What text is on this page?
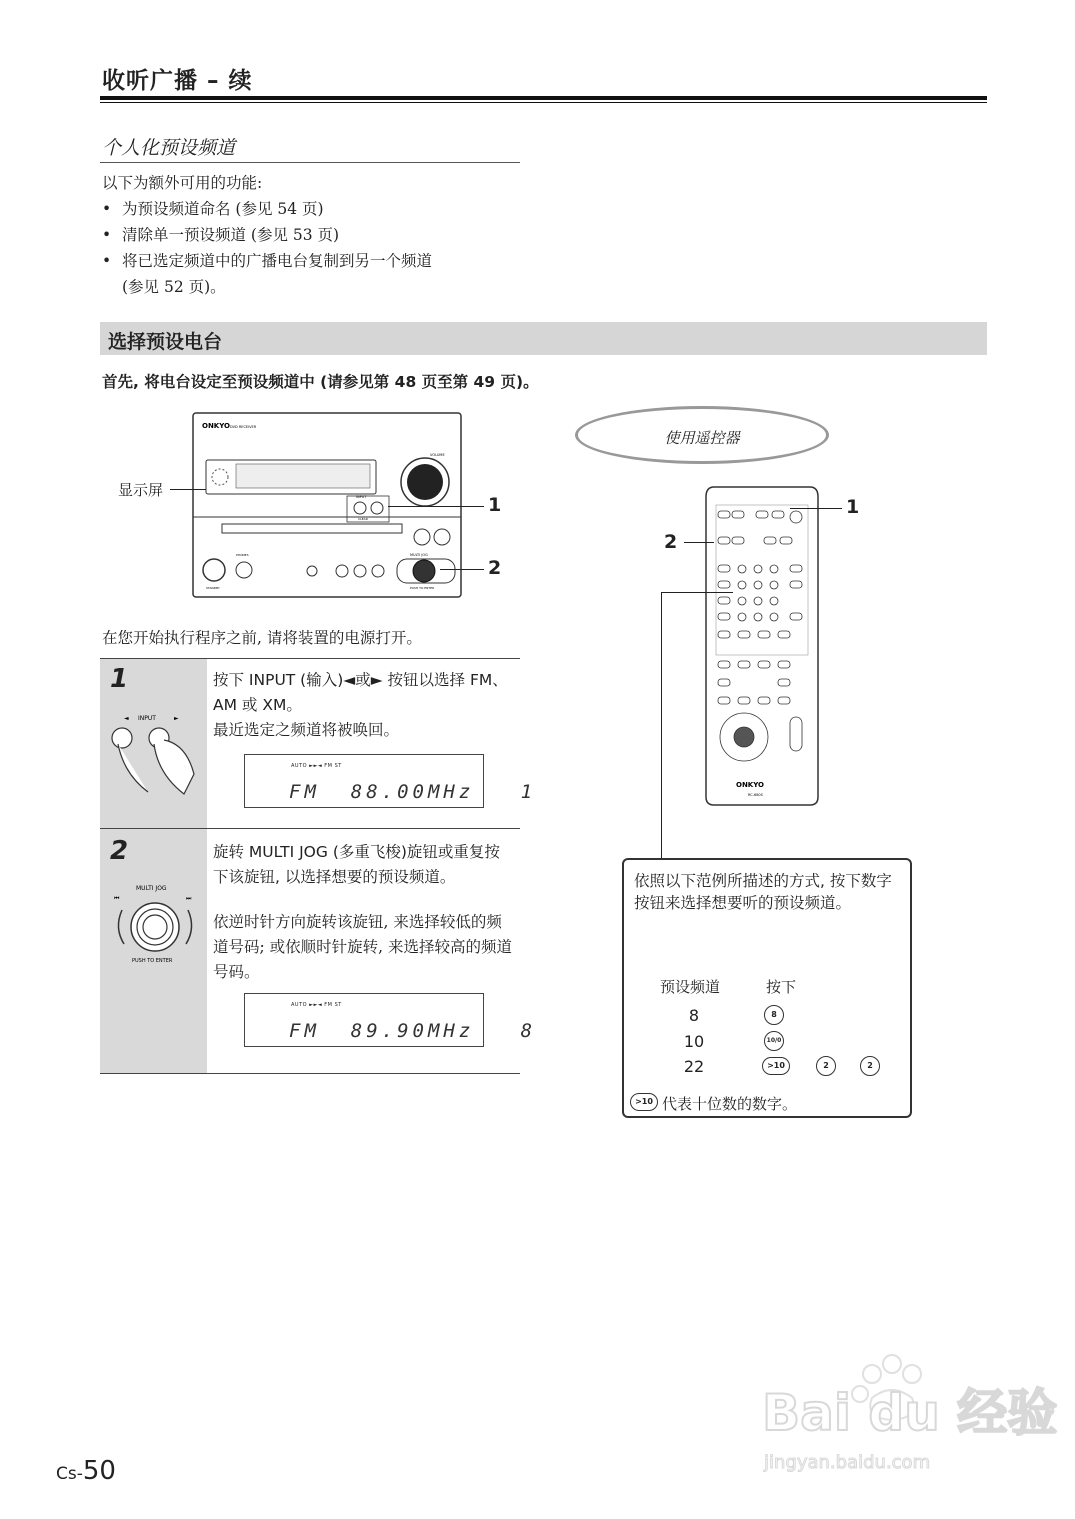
收听广播 – 续
个人化预设频道
以下为额外可用的功能:
• 为预设频道命名 (参见 54 页)
• 清除单一预设频道 (参见 53 页)
• 将已选定频道中的广播电台复制到另一个频道
(参见 52 页)。
选择预设电台
首先, 将电台设定至预设频道中 (请参见第 48 页至第 49 页)。
ONKYO DVD RECEIVER
VOLUME
INPUT
CLEAR
MULTI JOG
PUSH TO ENTER
STANDBY
PHONES
显示屏
1
2
在您开始执行程序之前, 请将装置的电源打开。
1
◄	►
INPUT
按下 INPUT (输入)◄或► 按钮以选择 FM、AM 或 XM。
最近选定之频道将被唤回。
AUTO ►►◄ FM ST
FM  88.00MHz   1
2
MULTI JOG
⏮	⏭
PUSH TO ENTER
旋转 MULTI JOG (多重飞梭)旋钮或重复按下该旋钮, 以选择想要的预设频道。
依逆时针方向旋转该旋钮, 来选择较低的频道号码; 或依顺时针旋转, 来选择较高的频道号码。
AUTO ►►◄ FM ST
FM  89.90MHz   8
使用遥控器
ONKYO
RC-680S
1
2
依照以下范例所描述的方式, 按下数字按钮来选择想要听的预设频道。
预设频道	按下
8	8
10	10/0
22	>10	2	2
>10 代表十位数的数字。
Bai du 经验
jingyan.baidu.com
Cs-50
